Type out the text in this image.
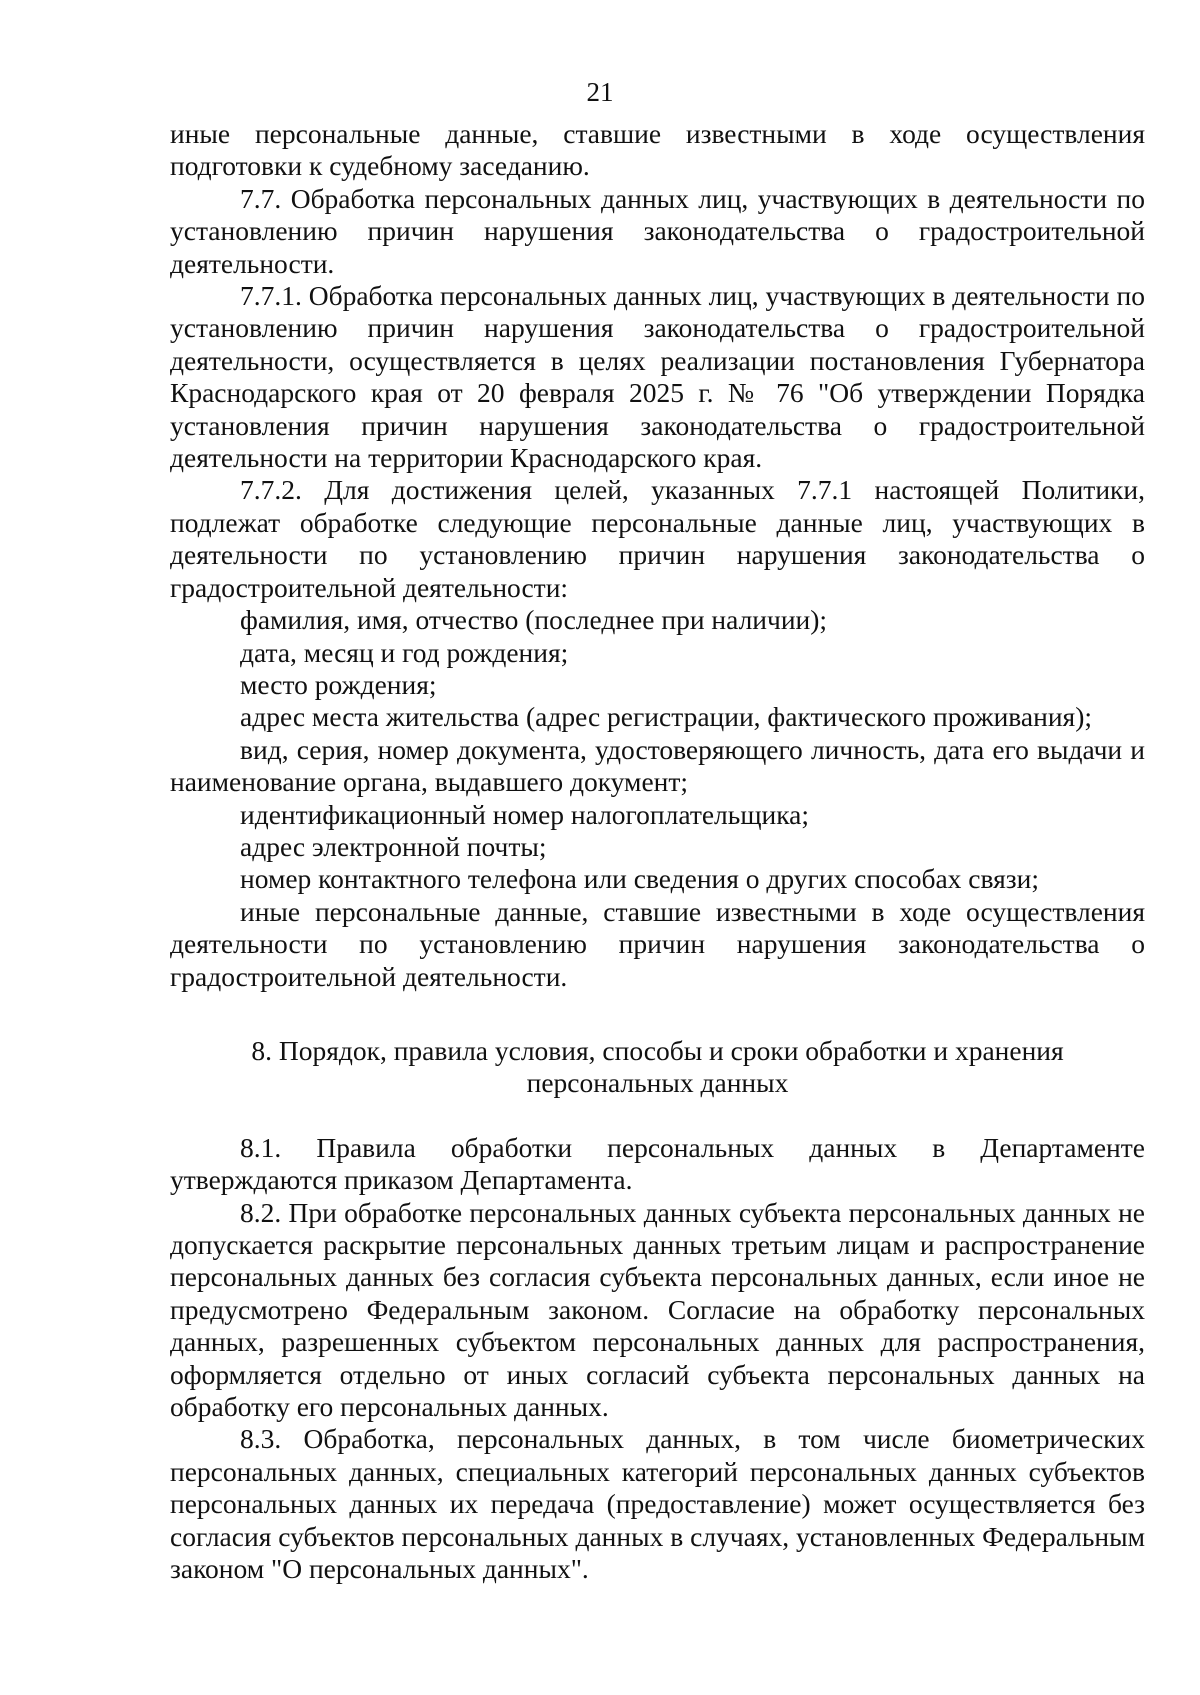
21

иные персональные данные, ставшие известными в ходе осуществления подготовки к судебному заседанию.

7.7. Обработка персональных данных лиц, участвующих в деятельности по установлению причин нарушения законодательства о градостроительной деятельности.

7.7.1. Обработка персональных данных лиц, участвующих в деятельности по установлению причин нарушения законодательства о градостроительной деятельности, осуществляется в целях реализации постановления Губернатора Краснодарского края от 20 февраля 2025 г. № 76 "Об утверждении Порядка установления причин нарушения законодательства о градостроительной деятельности на территории Краснодарского края.

7.7.2. Для достижения целей, указанных 7.7.1 настоящей Политики, подлежат обработке следующие персональные данные лиц, участвующих в деятельности по установлению причин нарушения законодательства о градостроительной деятельности:

фамилия, имя, отчество (последнее при наличии);

дата, месяц и год рождения;

место рождения;

адрес места жительства (адрес регистрации, фактического проживания);

вид, серия, номер документа, удостоверяющего личность, дата его выдачи и наименование органа, выдавшего документ;

идентификационный номер налогоплательщика;

адрес электронной почты;

номер контактного телефона или сведения о других способах связи;

иные персональные данные, ставшие известными в ходе осуществления деятельности по установлению причин нарушения законодательства о градостроительной деятельности.

8. Порядок, правила условия, способы и сроки обработки и хранения
персональных данных

8.1. Правила обработки персональных данных в Департаменте утверждаются приказом Департамента.

8.2. При обработке персональных данных субъекта персональных данных не допускается раскрытие персональных данных третьим лицам и распространение персональных данных без согласия субъекта персональных данных, если иное не предусмотрено Федеральным законом. Согласие на обработку персональных данных, разрешенных субъектом персональных данных для распространения, оформляется отдельно от иных согласий субъекта персональных данных на обработку его персональных данных.

8.3. Обработка, персональных данных, в том числе биометрических персональных данных, специальных категорий персональных данных субъектов персональных данных их передача (предоставление) может осуществляется без согласия субъектов персональных данных в случаях, установленных Федеральным законом "О персональных данных".
